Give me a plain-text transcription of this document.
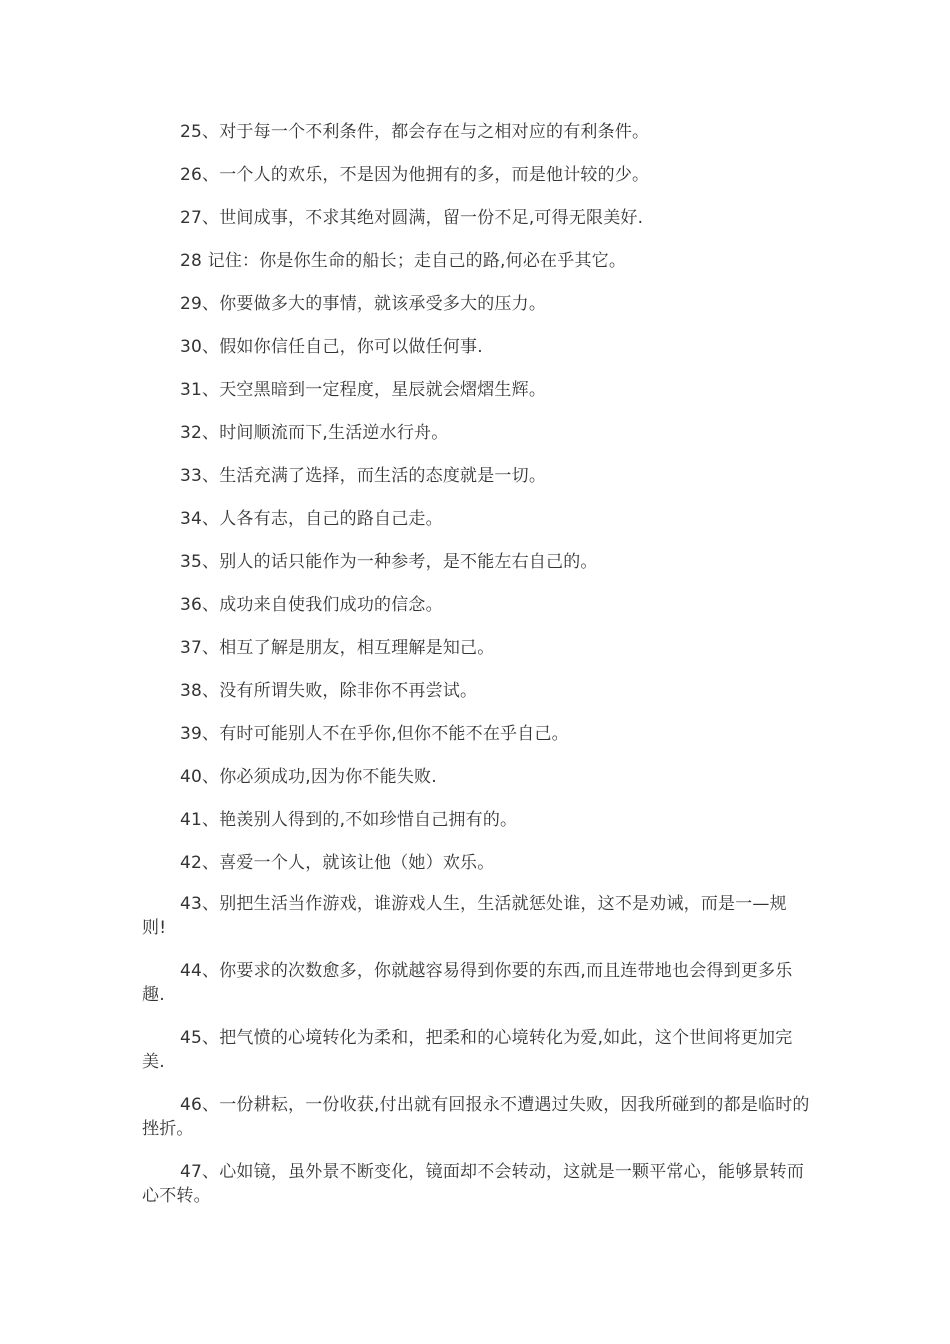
25、对于每一个不利条件，都会存在与之相对应的有利条件。

26、一个人的欢乐，不是因为他拥有的多，而是他计较的少。

27、世间成事，不求其绝对圆满，留一份不足,可得无限美好.

28 记住：你是你生命的船长；走自己的路,何必在乎其它。

29、你要做多大的事情，就该承受多大的压力。

30、假如你信任自己，你可以做任何事.

31、天空黑暗到一定程度，星辰就会熠熠生辉。

32、时间顺流而下,生活逆水行舟。

33、生活充满了选择，而生活的态度就是一切。

34、人各有志，自己的路自己走。

35、别人的话只能作为一种参考，是不能左右自己的。

36、成功来自使我们成功的信念。

37、相互了解是朋友，相互理解是知己。

38、没有所谓失败，除非你不再尝试。

39、有时可能别人不在乎你,但你不能不在乎自己。

40、你必须成功,因为你不能失败.

41、艳羡别人得到的,不如珍惜自己拥有的。

42、喜爱一个人，就该让他（她）欢乐。

43、别把生活当作游戏，谁游戏人生，生活就惩处谁，这不是劝诫，而是一—规则!

44、你要求的次数愈多，你就越容易得到你要的东西,而且连带地也会得到更多乐趣.

45、把气愤的心境转化为柔和，把柔和的心境转化为爱,如此，这个世间将更加完美.

46、一份耕耘，一份收获,付出就有回报永不遭遇过失败，因我所碰到的都是临时的挫折。

47、心如镜，虽外景不断变化，镜面却不会转动，这就是一颗平常心，能够景转而心不转。
